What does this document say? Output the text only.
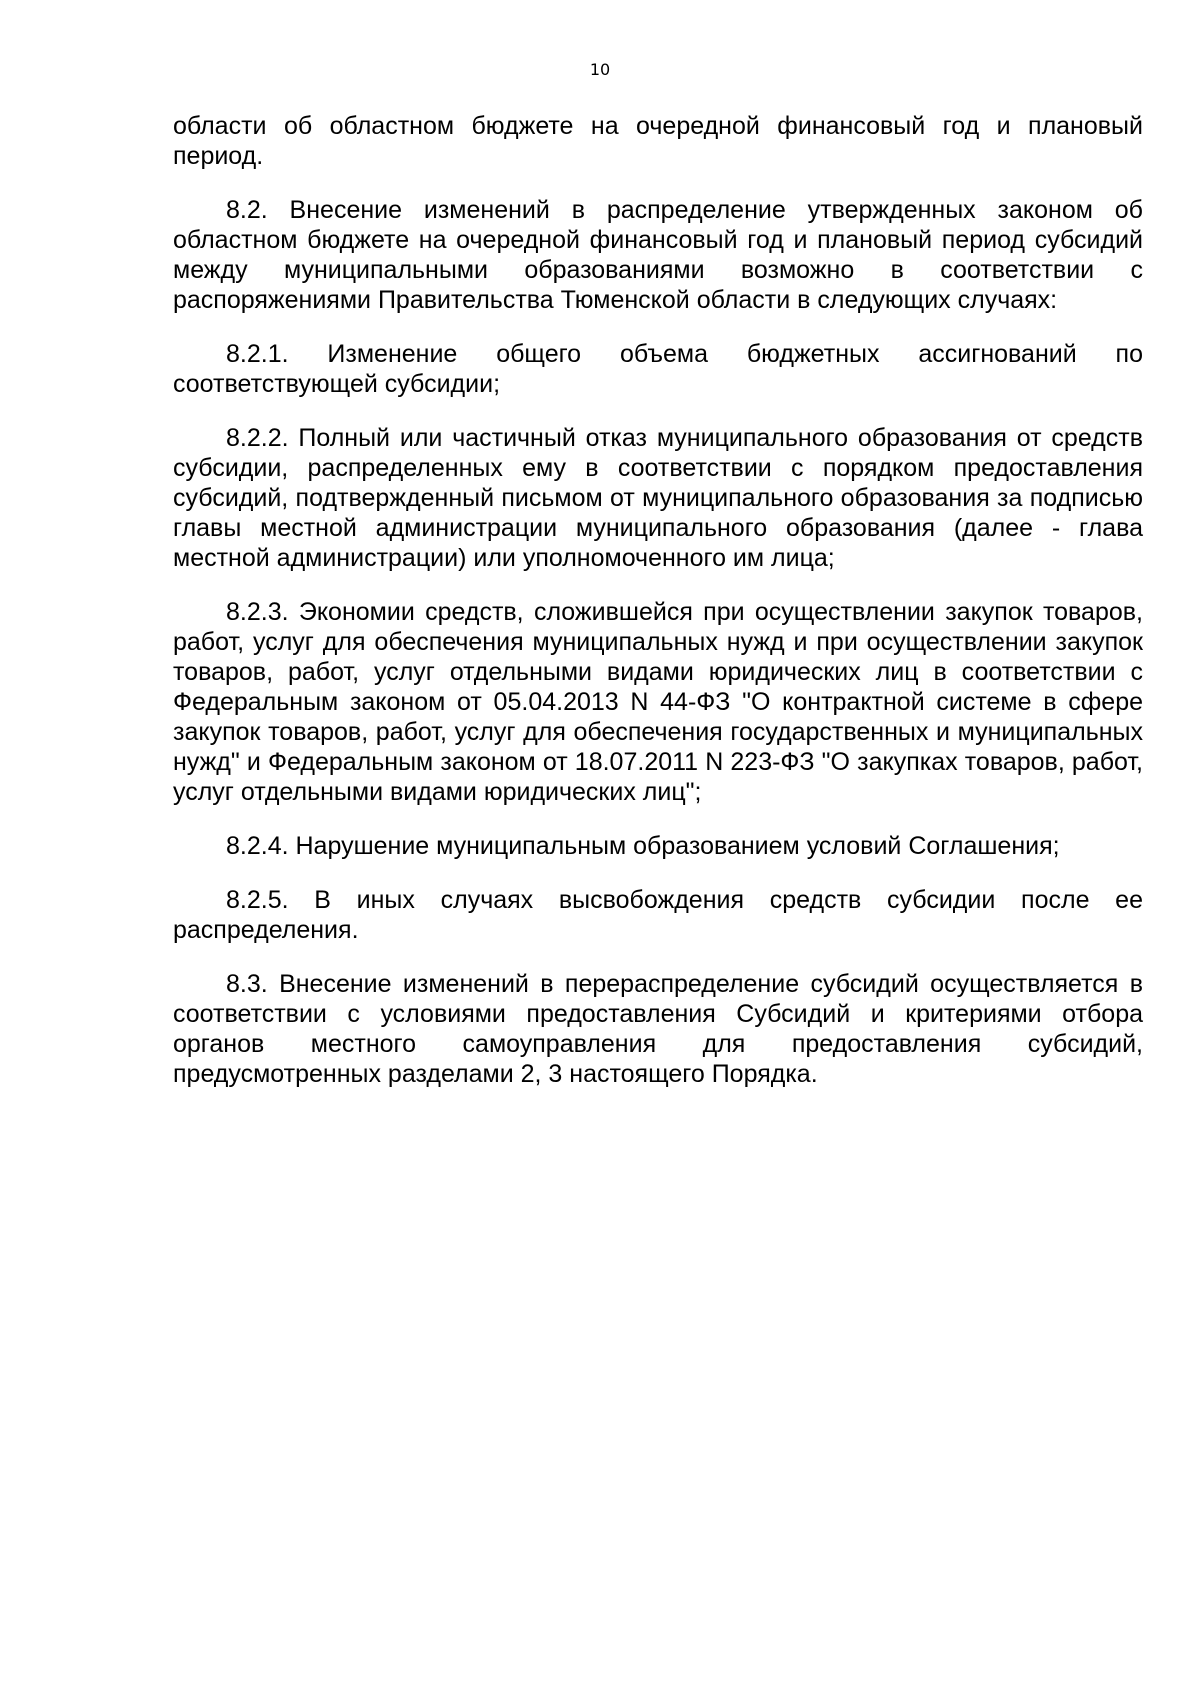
10

области об областном бюджете на очередной финансовый год и плановый период.

8.2. Внесение изменений в распределение утвержденных законом об областном бюджете на очередной финансовый год и плановый период субсидий между муниципальными образованиями возможно в соответствии с распоряжениями Правительства Тюменской области в следующих случаях:

8.2.1. Изменение общего объема бюджетных ассигнований по соответствующей субсидии;

8.2.2. Полный или частичный отказ муниципального образования от средств субсидии, распределенных ему в соответствии с порядком предоставления субсидий, подтвержденный письмом от муниципального образования за подписью главы местной администрации муниципального образования (далее - глава местной администрации) или уполномоченного им лица;

8.2.3. Экономии средств, сложившейся при осуществлении закупок товаров, работ, услуг для обеспечения муниципальных нужд и при осуществлении закупок товаров, работ, услуг отдельными видами юридических лиц в соответствии с Федеральным законом от 05.04.2013 N 44-ФЗ "О контрактной системе в сфере закупок товаров, работ, услуг для обеспечения государственных и муниципальных нужд" и Федеральным законом от 18.07.2011 N 223-ФЗ "О закупках товаров, работ, услуг отдельными видами юридических лиц";

8.2.4. Нарушение муниципальным образованием условий Соглашения;

8.2.5. В иных случаях высвобождения средств субсидии после ее распределения.

8.3. Внесение изменений в перераспределение субсидий осуществляется в соответствии с условиями предоставления Субсидий и критериями отбора органов местного самоуправления для предоставления субсидий, предусмотренных разделами 2, 3 настоящего Порядка.
